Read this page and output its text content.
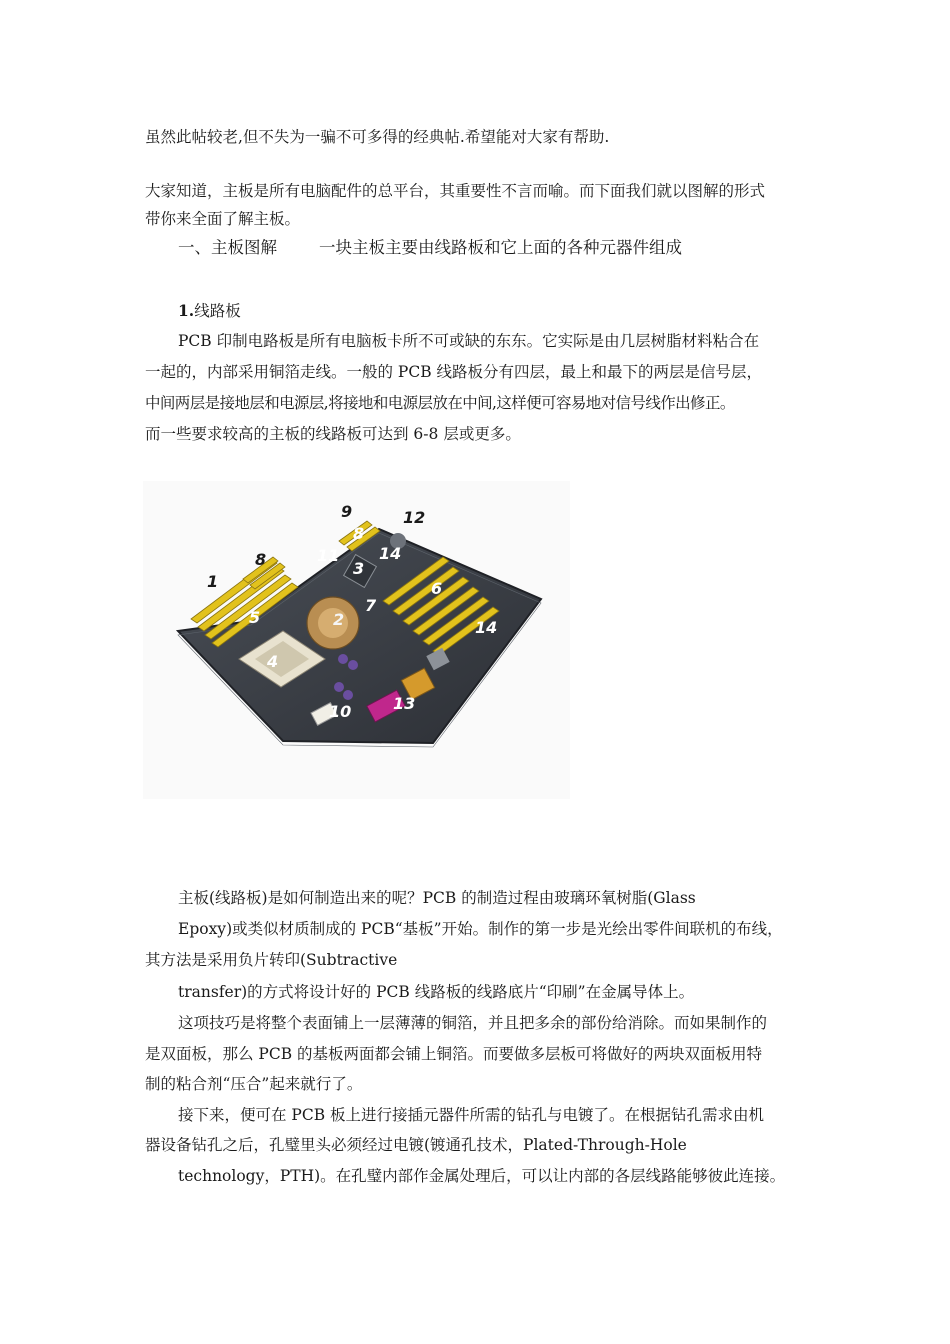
虽然此帖较老,但不失为一骗不可多得的经典帖.希望能对大家有帮助.
大家知道，主板是所有电脑配件的总平台，其重要性不言而喻。而下面我们就以图解的形式
带你来全面了解主板。
一、主板图解        一块主板主要由线路板和它上面的各种元器件组成
1.线路板
PCB 印制电路板是所有电脑板卡所不可或缺的东东。它实际是由几层树脂材料粘合在
一起的，内部采用铜箔走线。一般的 PCB 线路板分有四层，最上和最下的两层是信号层，
中间两层是接地层和电源层,将接地和电源层放在中间,这样便可容易地对信号线作出修正。
而一些要求较高的主板的线路板可达到 6-8 层或更多。
1
2
3
4
5
6
7
8
8
9
10
11
12
13
14
14
主板(线路板)是如何制造出来的呢？PCB 的制造过程由玻璃环氧树脂(Glass
Epoxy)或类似材质制成的 PCB“基板”开始。制作的第一步是光绘出零件间联机的布线，
其方法是采用负片转印(Subtractive
transfer)的方式将设计好的 PCB 线路板的线路底片“印刷”在金属导体上。
这项技巧是将整个表面铺上一层薄薄的铜箔，并且把多余的部份给消除。而如果制作的
是双面板，那么 PCB 的基板两面都会铺上铜箔。而要做多层板可将做好的两块双面板用特
制的粘合剂“压合”起来就行了。
接下来，便可在 PCB 板上进行接插元器件所需的钻孔与电镀了。在根据钻孔需求由机
器设备钻孔之后，孔璧里头必须经过电镀(镀通孔技术，Plated-Through-Hole
technology，PTH)。在孔璧内部作金属处理后，可以让内部的各层线路能够彼此连接。
